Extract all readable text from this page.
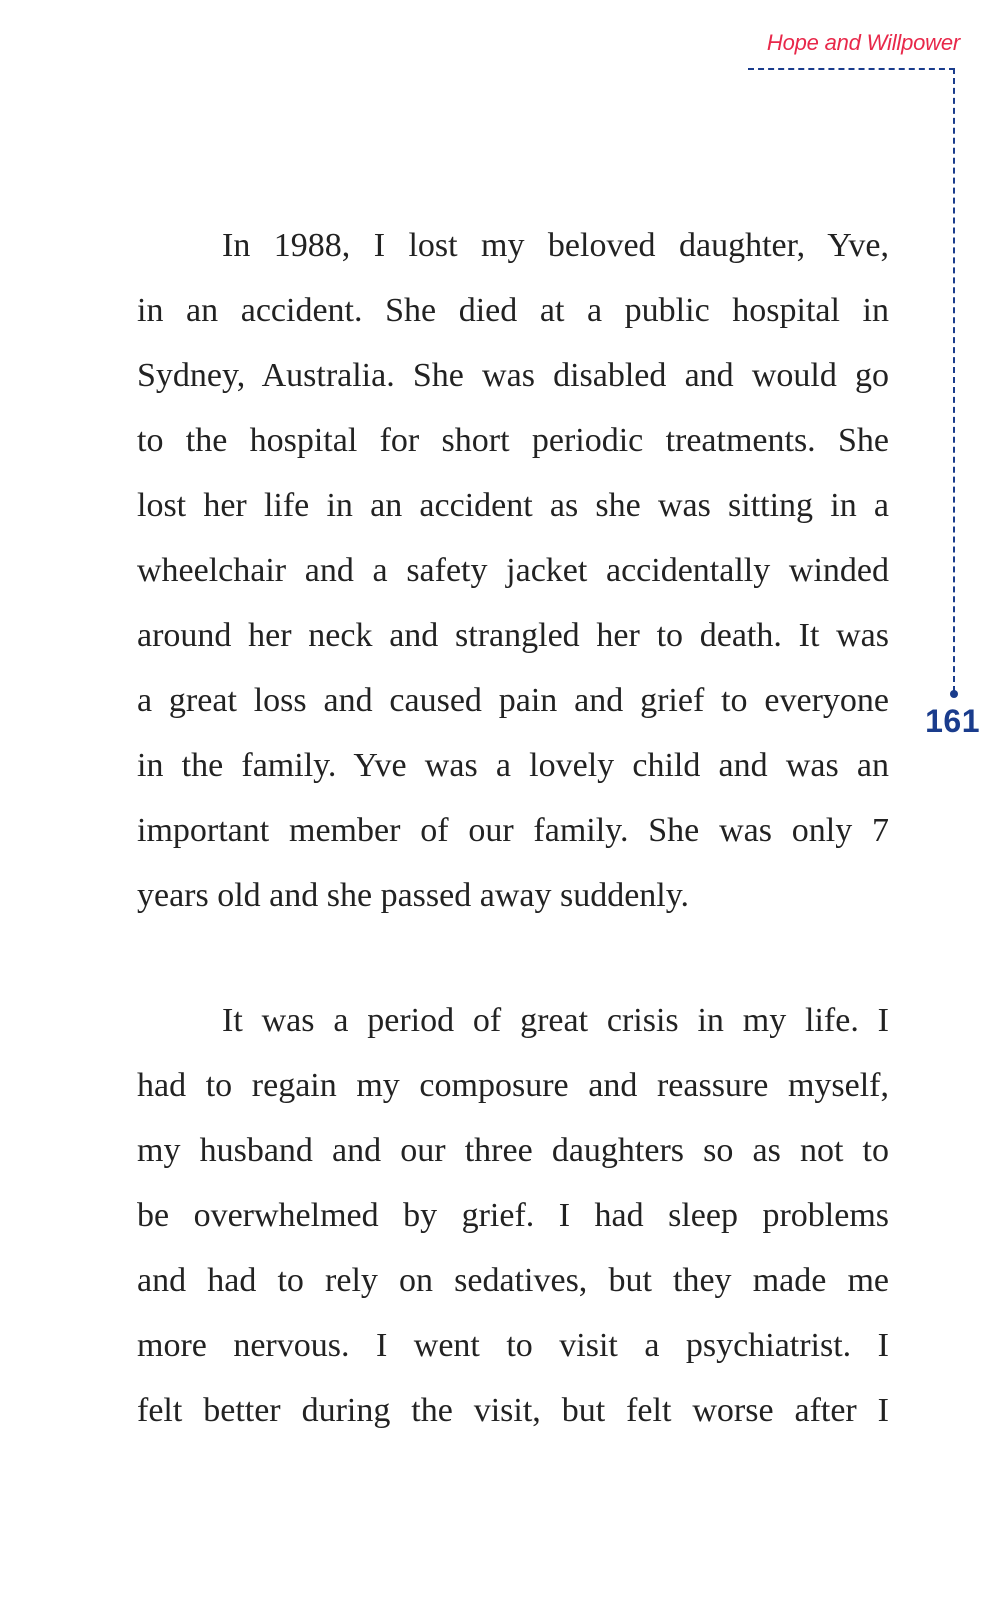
Hope and Willpower
161
In 1988, I lost my beloved daughter, Yve,
in an accident. She died at a public hospital in
Sydney, Australia. She was disabled and would go
to the hospital for short periodic treatments. She
lost her life in an accident as she was sitting in a
wheelchair and a safety jacket accidentally winded
around her neck and strangled her to death. It was
a great loss and caused pain and grief to everyone
in the family. Yve was a lovely child and was an
important member of our family. She was only 7
years old and she passed away suddenly.
It was a period of great crisis in my life. I
had to regain my composure and reassure myself,
my husband and our three daughters so as not to
be overwhelmed by grief. I had sleep problems
and had to rely on sedatives, but they made me
more nervous. I went to visit a psychiatrist. I
felt better during the visit, but felt worse after I
